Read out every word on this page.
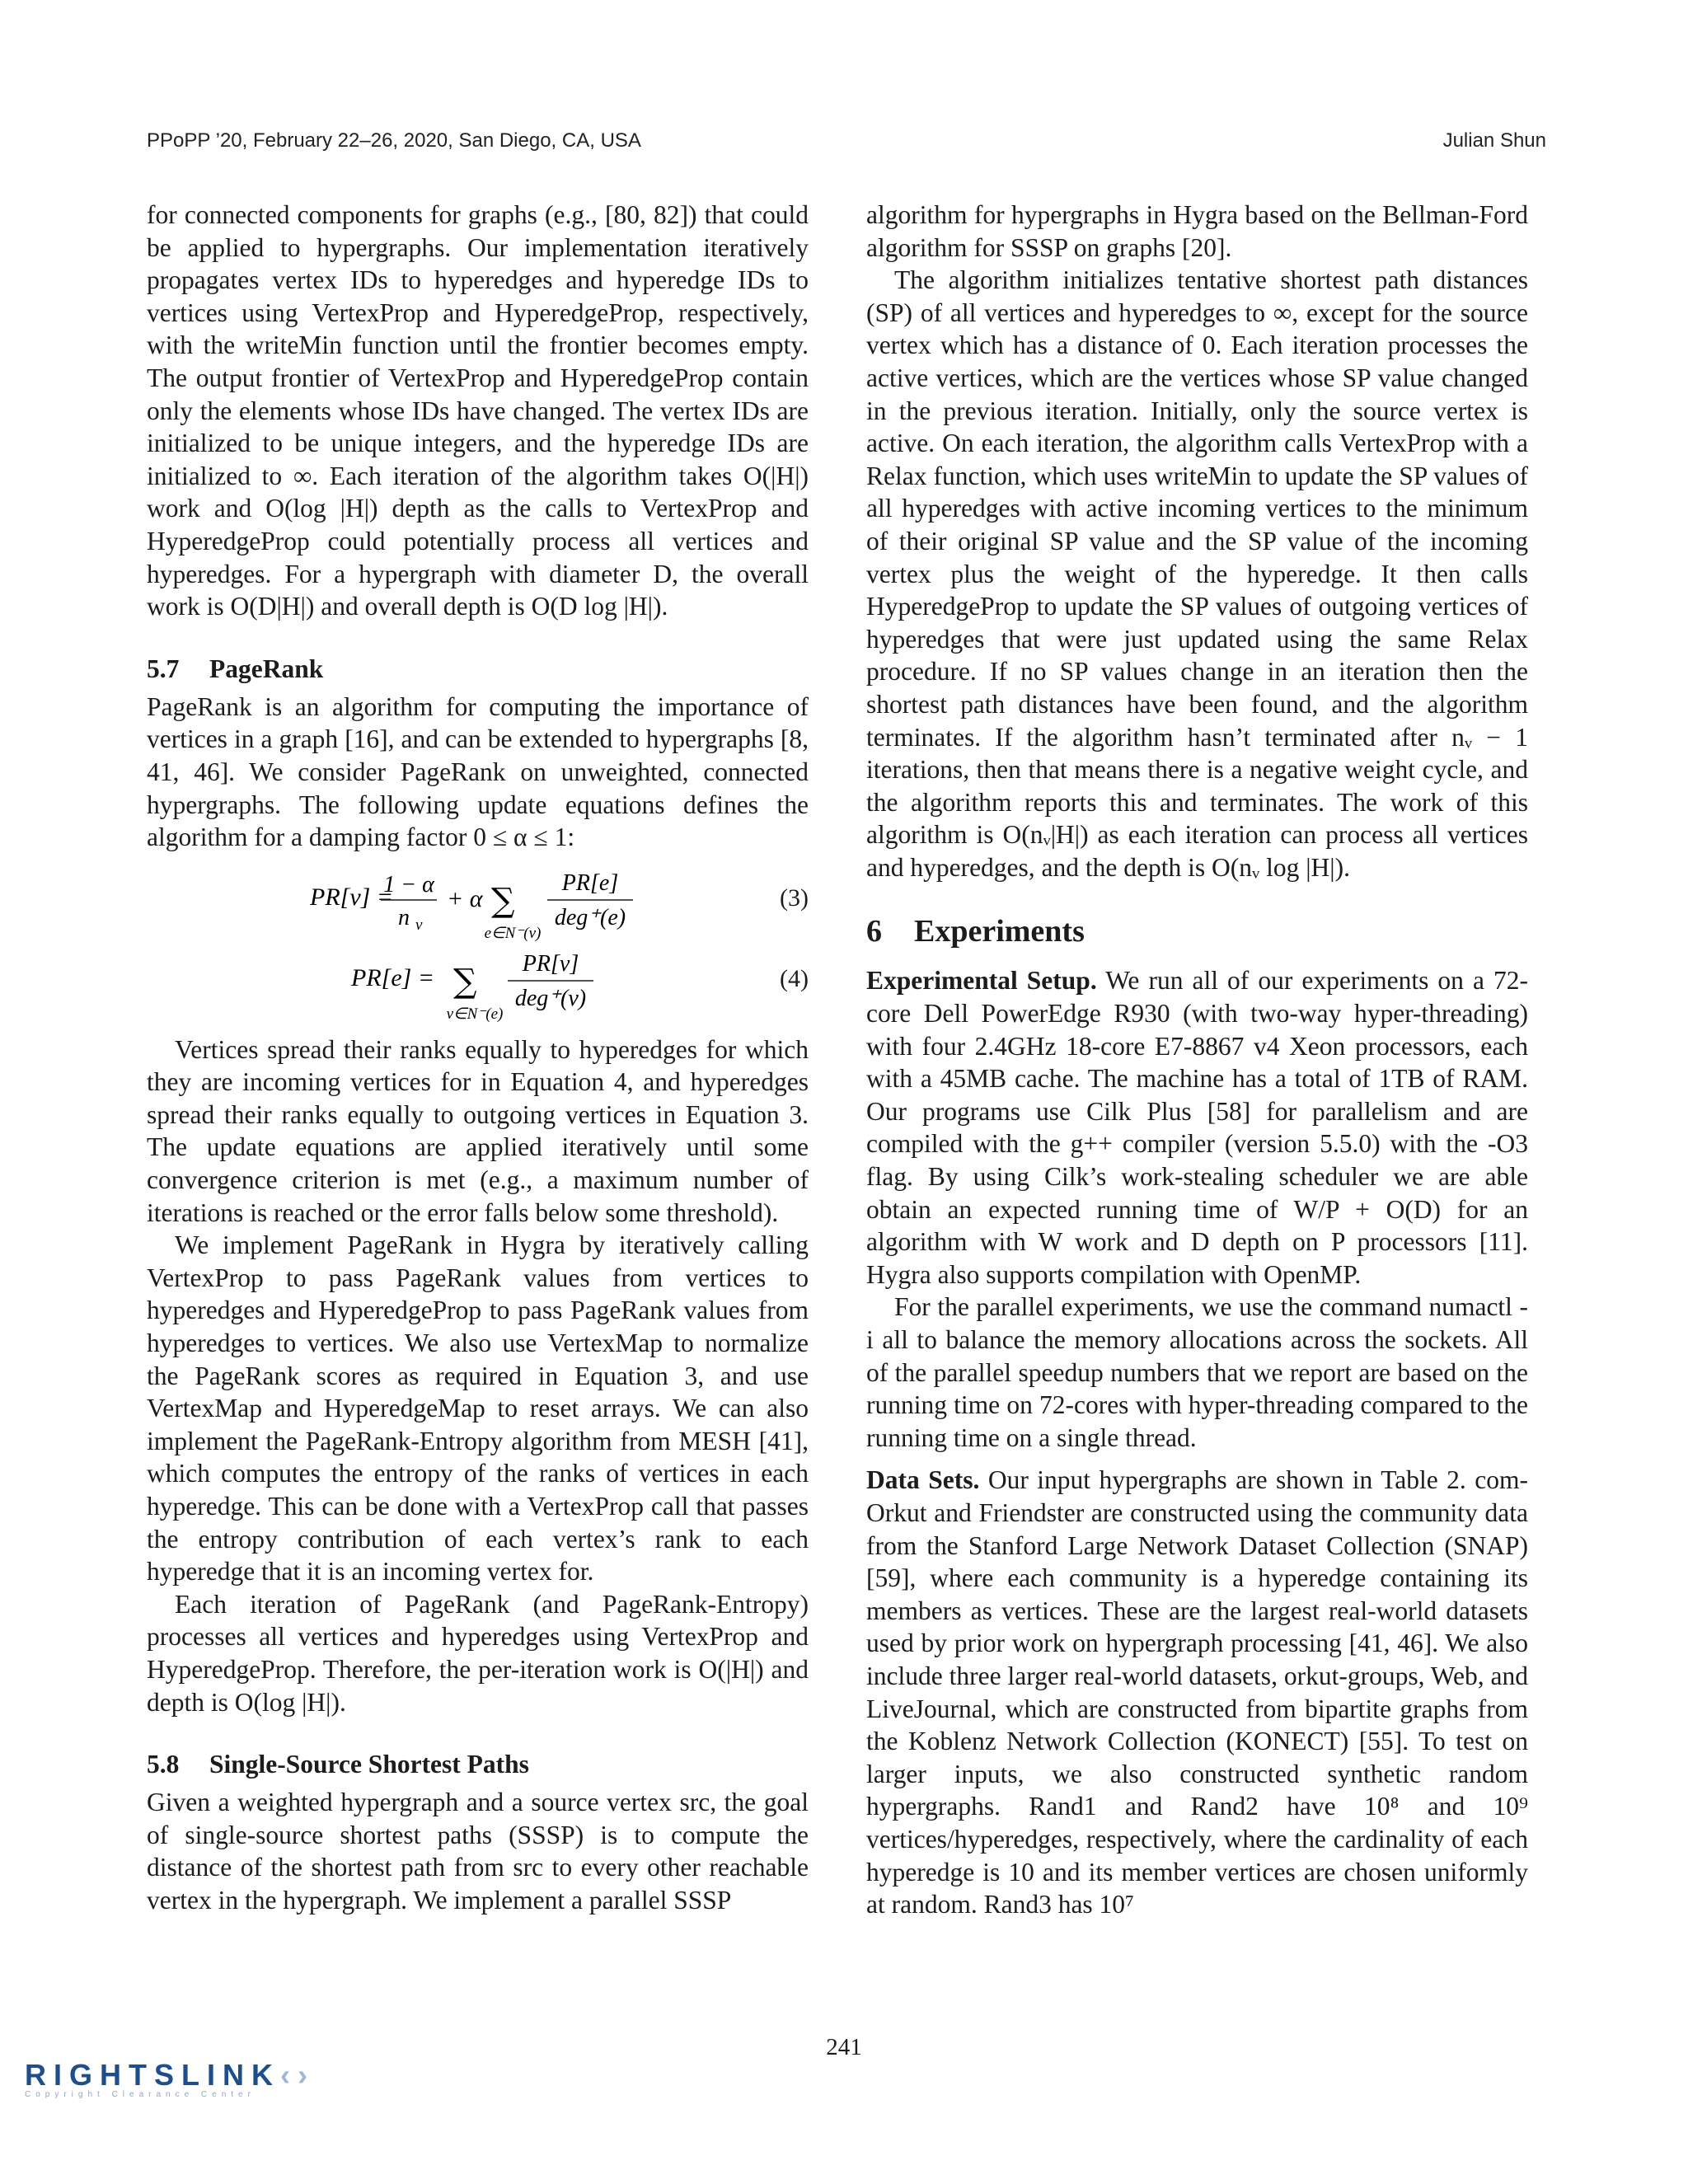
PPoPP ’20, February 22–26, 2020, San Diego, CA, USA	Julian Shun

for connected components for graphs (e.g., [80, 82]) that could be applied to hypergraphs. Our implementation iteratively propagates vertex IDs to hyperedges and hyperedge IDs to vertices using VertexProp and HyperedgeProp, respectively, with the writeMin function until the frontier becomes empty. The output frontier of VertexProp and HyperedgeProp contain only the elements whose IDs have changed. The vertex IDs are initialized to be unique integers, and the hyperedge IDs are initialized to ∞. Each iteration of the algorithm takes O(|H|) work and O(log |H|) depth as the calls to VertexProp and HyperedgeProp could potentially process all vertices and hyperedges. For a hypergraph with diameter D, the overall work is O(D|H|) and overall depth is O(D log |H|).

5.7 PageRank

PageRank is an algorithm for computing the importance of vertices in a graph [16], and can be extended to hypergraphs [8, 41, 46]. We consider PageRank on unweighted, connected hypergraphs. The following update equations defines the algorithm for a damping factor 0 ≤ α ≤ 1:

PR[v] =
1 − α
n v
+ α ∑
e∈N⁻(v)
PR[e]
deg⁺(e)
(3)
PR[e] = ∑
v∈N⁻(e)
PR[v]
deg⁺(v)
(4)

Vertices spread their ranks equally to hyperedges for which they are incoming vertices for in Equation 4, and hyperedges spread their ranks equally to outgoing vertices in Equation 3. The update equations are applied iteratively until some convergence criterion is met (e.g., a maximum number of iterations is reached or the error falls below some threshold).

We implement PageRank in Hygra by iteratively calling VertexProp to pass PageRank values from vertices to hyperedges and HyperedgeProp to pass PageRank values from hyperedges to vertices. We also use VertexMap to normalize the PageRank scores as required in Equation 3, and use VertexMap and HyperedgeMap to reset arrays. We can also implement the PageRank-Entropy algorithm from MESH [41], which computes the entropy of the ranks of vertices in each hyperedge. This can be done with a VertexProp call that passes the entropy contribution of each vertex’s rank to each hyperedge that it is an incoming vertex for.

Each iteration of PageRank (and PageRank-Entropy) processes all vertices and hyperedges using VertexProp and HyperedgeProp. Therefore, the per-iteration work is O(|H|) and depth is O(log |H|).

5.8 Single-Source Shortest Paths

Given a weighted hypergraph and a source vertex src, the goal of single-source shortest paths (SSSP) is to compute the distance of the shortest path from src to every other reachable vertex in the hypergraph. We implement a parallel SSSP

algorithm for hypergraphs in Hygra based on the Bellman-Ford algorithm for SSSP on graphs [20].

The algorithm initializes tentative shortest path distances (SP) of all vertices and hyperedges to ∞, except for the source vertex which has a distance of 0. Each iteration processes the active vertices, which are the vertices whose SP value changed in the previous iteration. Initially, only the source vertex is active. On each iteration, the algorithm calls VertexProp with a Relax function, which uses writeMin to update the SP values of all hyperedges with active incoming vertices to the minimum of their original SP value and the SP value of the incoming vertex plus the weight of the hyperedge. It then calls HyperedgeProp to update the SP values of outgoing vertices of hyperedges that were just updated using the same Relax procedure. If no SP values change in an iteration then the shortest path distances have been found, and the algorithm terminates. If the algorithm hasn’t terminated after nᵥ − 1 iterations, then that means there is a negative weight cycle, and the algorithm reports this and terminates. The work of this algorithm is O(nᵥ|H|) as each iteration can process all vertices and hyperedges, and the depth is O(nᵥ log |H|).

6 Experiments

Experimental Setup. We run all of our experiments on a 72-core Dell PowerEdge R930 (with two-way hyper-threading) with four 2.4GHz 18-core E7-8867 v4 Xeon processors, each with a 45MB cache. The machine has a total of 1TB of RAM. Our programs use Cilk Plus [58] for parallelism and are compiled with the g++ compiler (version 5.5.0) with the -O3 flag. By using Cilk’s work-stealing scheduler we are able obtain an expected running time of W/P + O(D) for an algorithm with W work and D depth on P processors [11]. Hygra also supports compilation with OpenMP.

For the parallel experiments, we use the command numactl -i all to balance the memory allocations across the sockets. All of the parallel speedup numbers that we report are based on the running time on 72-cores with hyper-threading compared to the running time on a single thread.

Data Sets. Our input hypergraphs are shown in Table 2. com-Orkut and Friendster are constructed using the community data from the Stanford Large Network Dataset Collection (SNAP) [59], where each community is a hyperedge containing its members as vertices. These are the largest real-world datasets used by prior work on hypergraph processing [41, 46]. We also include three larger real-world datasets, orkut-groups, Web, and LiveJournal, which are constructed from bipartite graphs from the Koblenz Network Collection (KONECT) [55]. To test on larger inputs, we also constructed synthetic random hypergraphs. Rand1 and Rand2 have 10⁸ and 10⁹ vertices/hyperedges, respectively, where the cardinality of each hyperedge is 10 and its member vertices are chosen uniformly at random. Rand3 has 10⁷

241
RIGHTSLINK‹›
Copyright Clearance Center
